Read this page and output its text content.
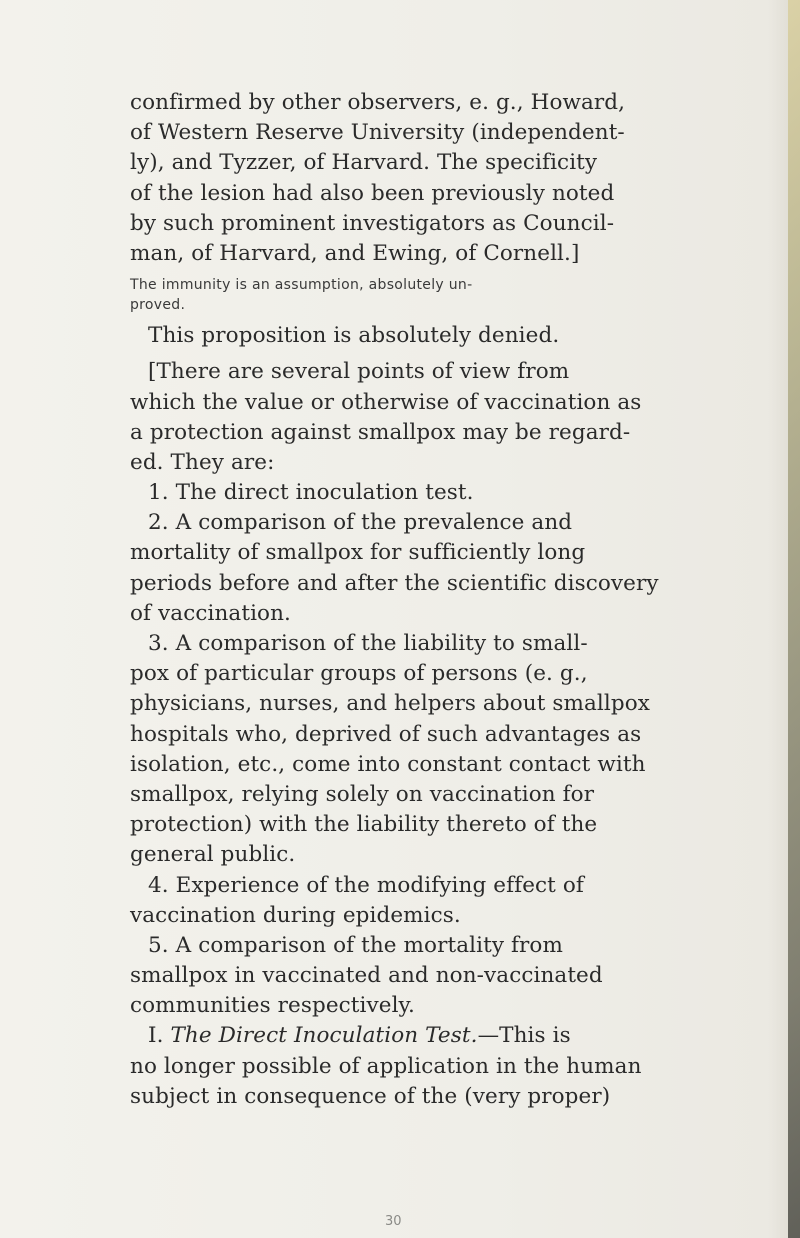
confirmed by other observers, e. g., Howard,
of Western Reserve University (independent-
ly), and Tyzzer, of Harvard. The specificity
of the lesion had also been previously noted
by such prominent investigators as Council-
man, of Harvard, and Ewing, of Cornell.]
The immunity is an assumption, absolutely un-
proved.
This proposition is absolutely denied.
[There are several points of view from
which the value or otherwise of vaccination as
a protection against smallpox may be regard-
ed. They are:
1. The direct inoculation test.
2. A comparison of the prevalence and
mortality of smallpox for sufficiently long
periods before and after the scientific discovery
of vaccination.
3. A comparison of the liability to small-
pox of particular groups of persons (e. g.,
physicians, nurses, and helpers about smallpox
hospitals who, deprived of such advantages as
isolation, etc., come into constant contact with
smallpox, relying solely on vaccination for
protection) with the liability thereto of the
general public.
4. Experience of the modifying effect of
vaccination during epidemics.
5. A comparison of the mortality from
smallpox in vaccinated and non-vaccinated
communities respectively.
I. The Direct Inoculation Test.—This is
no longer possible of application in the human
subject in consequence of the (very proper)
30
